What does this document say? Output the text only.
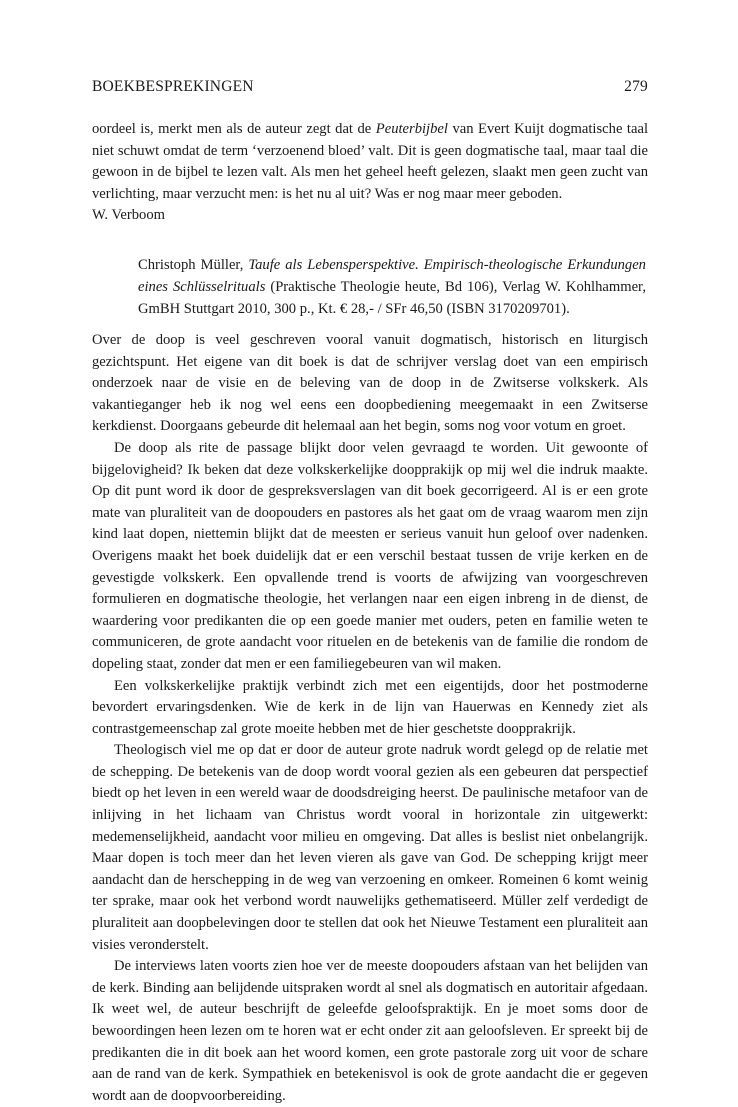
BOEKBESPREKINGEN	279

oordeel is, merkt men als de auteur zegt dat de Peuterbijbel van Evert Kuijt dogmatische taal niet schuwt omdat de term ‘verzoenend bloed’ valt. Dit is geen dogmatische taal, maar taal die gewoon in de bijbel te lezen valt. Als men het geheel heeft gelezen, slaakt men geen zucht van verlichting, maar verzucht men: is het nu al uit? Was er nog maar meer geboden.

W. Verboom

Christoph Müller, Taufe als Lebensperspektive. Empirisch-theologische Erkundungen eines Schlüsselrituals (Praktische Theologie heute, Bd 106), Verlag W. Kohlhammer, GmBH Stuttgart 2010, 300 p., Kt. € 28,- / SFr 46,50 (ISBN 3170209701).

Over de doop is veel geschreven vooral vanuit dogmatisch, historisch en liturgisch gezichtspunt. Het eigene van dit boek is dat de schrijver verslag doet van een empirisch onderzoek naar de visie en de beleving van de doop in de Zwitserse volkskerk. Als vakantieganger heb ik nog wel eens een doopbediening meegemaakt in een Zwitserse kerkdienst. Doorgaans gebeurde dit helemaal aan het begin, soms nog voor votum en groet.

De doop als rite de passage blijkt door velen gevraagd te worden. Uit gewoonte of bijgelovigheid? Ik beken dat deze volkskerkelijke doopprakijk op mij wel die indruk maakte. Op dit punt word ik door de gespreksverslagen van dit boek gecorrigeerd. Al is er een grote mate van pluraliteit van de doopouders en pastores als het gaat om de vraag waarom men zijn kind laat dopen, niettemin blijkt dat de meesten er serieus vanuit hun geloof over nadenken. Overigens maakt het boek duidelijk dat er een verschil bestaat tussen de vrije kerken en de gevestigde volkskerk. Een opvallende trend is voorts de afwijzing van voorgeschreven formulieren en dogmatische theologie, het verlangen naar een eigen inbreng in de dienst, de waardering voor predikanten die op een goede manier met ouders, peten en familie weten te communiceren, de grote aandacht voor rituelen en de betekenis van de familie die rondom de dopeling staat, zonder dat men er een familiegebeuren van wil maken.

Een volkskerkelijke praktijk verbindt zich met een eigentijds, door het postmoderne bevordert ervaringsdenken. Wie de kerk in de lijn van Hauerwas en Kennedy ziet als contrastgemeenschap zal grote moeite hebben met de hier geschetste doopprakrijk.

Theologisch viel me op dat er door de auteur grote nadruk wordt gelegd op de relatie met de schepping. De betekenis van de doop wordt vooral gezien als een gebeuren dat perspectief biedt op het leven in een wereld waar de doodsdreiging heerst. De paulinische metafoor van de inlijving in het lichaam van Christus wordt vooral in horizontale zin uitgewerkt: medemenselijkheid, aandacht voor milieu en omgeving. Dat alles is beslist niet onbelangrijk. Maar dopen is toch meer dan het leven vieren als gave van God. De schepping krijgt meer aandacht dan de herschepping in de weg van verzoening en omkeer. Romeinen 6 komt weinig ter sprake, maar ook het verbond wordt nauwelijks gethematiseerd. Müller zelf verdedigt de pluraliteit aan doopbelevingen door te stellen dat ook het Nieuwe Testament een pluraliteit aan visies veronderstelt.

De interviews laten voorts zien hoe ver de meeste doopouders afstaan van het belijden van de kerk. Binding aan belijdende uitspraken wordt al snel als dogmatisch en autoritair afgedaan. Ik weet wel, de auteur beschrijft de geleefde geloofspraktijk. En je moet soms door de bewoordingen heen lezen om te horen wat er echt onder zit aan geloofsleven. Er spreekt bij de predikanten die in dit boek aan het woord komen, een grote pastorale zorg uit voor de schare aan de rand van de kerk. Sympathiek en betekenisvol is ook de grote aandacht die er gegeven wordt aan de doopvoorbereiding.
